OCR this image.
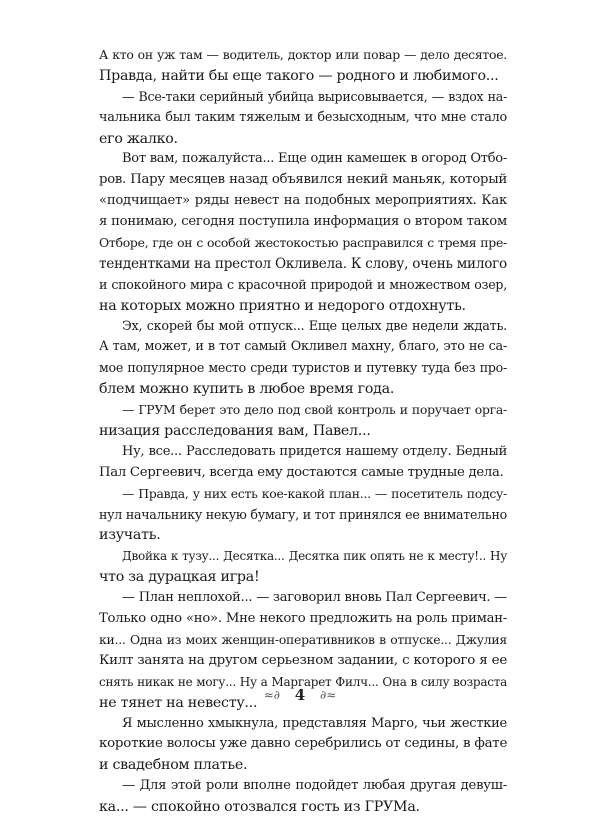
А кто он уж там — водитель, доктор или повар — дело десятое.
Правда, найти бы еще такого — родного и любимого...
— Все-таки серийный убийца вырисовывается, — вздох на-
чальника был таким тяжелым и безысходным, что мне стало
его жалко.
Вот вам, пожалуйста... Еще один камешек в огород Отбо-
ров. Пару месяцев назад объявился некий маньяк, который
«подчищает» ряды невест на подобных мероприятиях. Как
я понимаю, сегодня поступила информация о втором таком
Отборе, где он с особой жестокостью расправился с тремя пре-
тендентками на престол Окливела. К слову, очень милого
и спокойного мира с красочной природой и множеством озер,
на которых можно приятно и недорого отдохнуть.
Эх, скорей бы мой отпуск... Еще целых две недели ждать.
А там, может, и в тот самый Окливел махну, благо, это не са-
мое популярное место среди туристов и путевку туда без про-
блем можно купить в любое время года.
— ГРУМ берет это дело под свой контроль и поручает орга-
низация расследования вам, Павел...
Ну, все... Расследовать придется нашему отделу. Бедный
Пал Сергеевич, всегда ему достаются самые трудные дела.
— Правда, у них есть кое-какой план... — посетитель подсу-
нул начальнику некую бумагу, и тот принялся ее внимательно
изучать.
Двойка к тузу... Десятка... Десятка пик опять не к месту!.. Ну
что за дурацкая игра!
— План неплохой... — заговорил вновь Пал Сергеевич. —
Только одно «но». Мне некого предложить на роль приман-
ки... Одна из моих женщин-оперативников в отпуске... Джулия
Килт занята на другом серьезном задании, с которого я ее
снять никак не могу... Ну а Маргарет Филч... Она в силу возраста
не тянет на невесту...
Я мысленно хмыкнула, представляя Марго, чьи жесткие
короткие волосы уже давно серебрились от седины, в фате
и свадебном платье.
— Для этой роли вполне подойдет любая другая девуш-
ка... — спокойно отозвался гость из ГРУМа.
≈∂ 4 ∂≈
